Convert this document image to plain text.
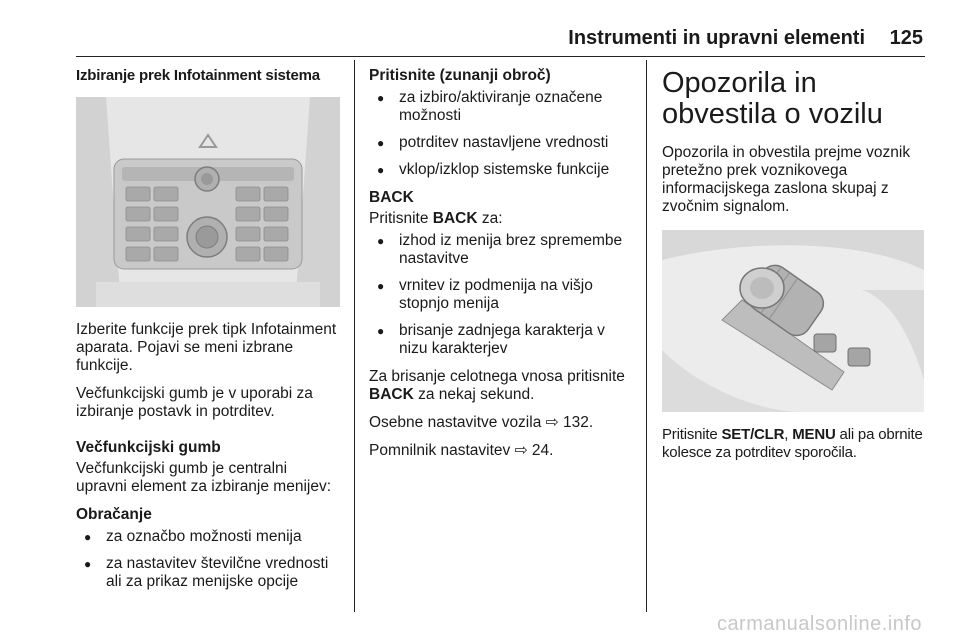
Instrumenti in upravni elementi 125
Izbiranje prek Infotainment sistema

Izberite funkcije prek tipk Infotainment aparata. Pojavi se meni izbrane funkcije.

Večfunkcijski gumb je v uporabi za izbiranje postavk in potrditev.

Večfunkcijski gumb

Večfunkcijski gumb je centralni upravni element za izbiranje menijev:

Obračanje
● za označbo možnosti menija
● za nastavitev številčne vrednosti ali za prikaz menijske opcije
Pritisnite (zunanji obroč)
● za izbiro/aktiviranje označene možnosti
● potrditev nastavljene vrednosti
● vklop/izklop sistemske funkcije
BACK

Pritisnite BACK za:

● izhod iz menija brez spremembe nastavitve
● vrnitev iz podmenija na višjo stopnjo menija
● brisanje zadnjega karakterja v nizu karakterjev

Za brisanje celotnega vnosa pritisnite BACK za nekaj sekund.

Osebne nastavitve vozila ⇨ 132.

Pomnilnik nastavitev ⇨ 24.

Opozorila in obvestila o vozilu

Opozorila in obvestila prejme voznik pretežno prek voznikovega informacijskega zaslona skupaj z zvočnim signalom.

Pritisnite SET/CLR, MENU ali pa obrnite kolesce za potrditev sporočila.

carmanualsonline.info
